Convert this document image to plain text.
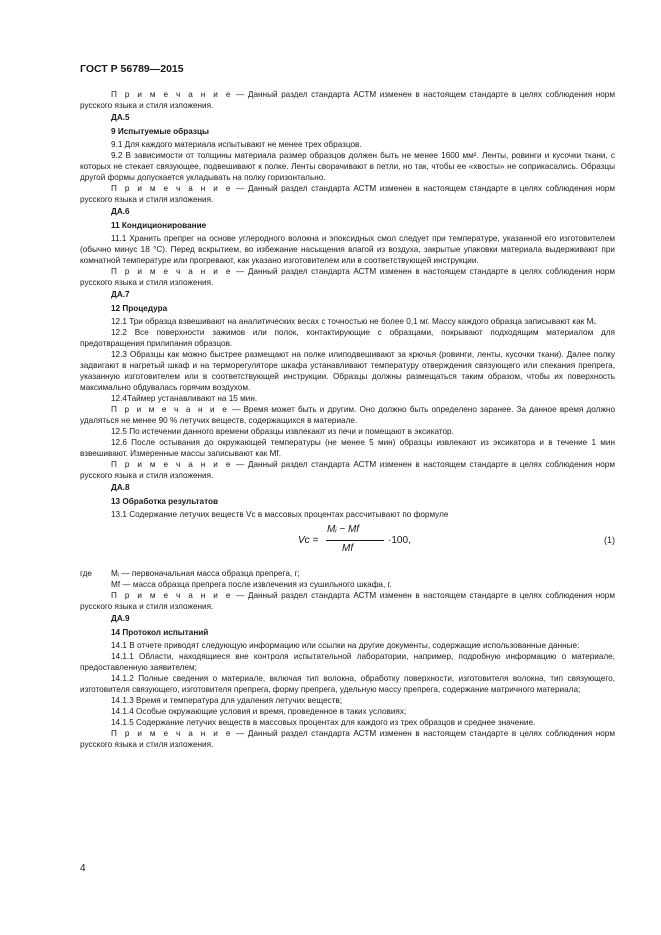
ГОСТ Р 56789—2015

П р и м е ч а н и е — Данный раздел стандарта АСТМ изменен в настоящем стандарте в целях соблюдения норм русского языка и стиля изложения.

ДА.5

9 Испытуемые образцы

9.1 Для каждого материала испытывают не менее трех образцов.

9.2 В зависимости от толщины материала размер образцов должен быть не менее 1600 мм². Ленты, ровинги и кусочки ткани, с которых не стекает связующее, подвешивают к полке. Ленты сворачивают в петли, но так, чтобы ее «хвосты» не соприкасались. Образцы другой формы допускается укладывать на полку горизонтально.

П р и м е ч а н и е — Данный раздел стандарта АСТМ изменен в настоящем стандарте в целях соблюдения норм русского языка и стиля изложения.

ДА.6

11 Кондиционирование

11.1 Хранить препрег на основе углеродного волокна и эпоксидных смол следует при температуре, указанной его изготовителем (обычно минус 18 °С). Перед вскрытием, во избежание насыщения влагой из воздуха, закрытые упаковки материала выдерживают при комнатной температуре или прогревают, как указано изготовителем или в соответствующей инструкции.

П р и м е ч а н и е — Данный раздел стандарта АСТМ изменен в настоящем стандарте в целях соблюдения норм русского языка и стиля изложения.

ДА.7

12 Процедура

12.1 Три образца взвешивают на аналитических весах с точностью не более 0,1 мг. Массу каждого образца записывают как Mᵢ.

12.2 Все поверхности зажимов или полок, контактирующие с образцами, покрывают подходящим материалом для предотвращения прилипания образцов.

12.3 Образцы как можно быстрее размещают на полке илиподвешивают за крючья (ровинги, ленты, кусочки ткани). Далее полку задвигают в нагретый шкаф и на терморегуляторе шкафа устанавливают температуру отверждения связующего или спекания препрега, указанную изготовителем или в соответствующей инструкции. Образцы должны размещаться таким образом, чтобы их поверхность максимально обдувалась горячим воздухом.

12.4Таймер устанавливают на 15 мин.

П р и м е ч а н и е — Время может быть и другим. Оно должно быть определено заранее. За данное время должно удаляться не менее 90 % летучих веществ, содержащихся в материале.

12.5 По истечении данного времени образцы извлекают из печи и помещают в эксикатор.

12.6 После остывания до окружающей температуры (не менее 5 мин) образцы извлекают из эксикатора и в течение 1 мин взвешивают. Измеренные массы записывают как Mf.

П р и м е ч а н и е — Данный раздел стандарта АСТМ изменен в настоящем стандарте в целях соблюдения норм русского языка и стиля изложения.

ДА.8

13 Обработка результатов

13.1 Содержание летучих веществ Vc в массовых процентах рассчитывают по формуле

Vc =
Mᵢ − Mf
Mf
·100,	(1)
где	Mᵢ — первоначальная масса образца препрега, г;

Mf — масса образца препрега после извлечения из сушильного шкафа, г.

П р и м е ч а н и е — Данный раздел стандарта АСТМ изменен в настоящем стандарте в целях соблюдения норм русского языка и стиля изложения.

ДА.9

14 Протокол испытаний

14.1 В отчете приводят следующую информацию или ссылки на другие документы, содержащие использованные данные:

14.1.1 Области, находящиеся вне контроля испытательной лаборатории, например, подробную информацию о материале, предоставленную заявителем;

14.1.2 Полные сведения о материале, включая тип волокна, обработку поверхности, изготовителя волокна, тип связующего, изготовителя связующего, изготовителя препрега, форму препрега, удельную массу препрега, содержание матричного материала;

14.1.3 Время и температура для удаления летучих веществ;

14.1.4 Особые окружающие условия и время, проведенное в таких условиях;

14.1.5 Содержание летучих веществ в массовых процентах для каждого из трех образцов и среднее значение.

П р и м е ч а н и е — Данный раздел стандарта АСТМ изменен в настоящем стандарте в целях соблюдения норм русского языка и стиля изложения.

4
